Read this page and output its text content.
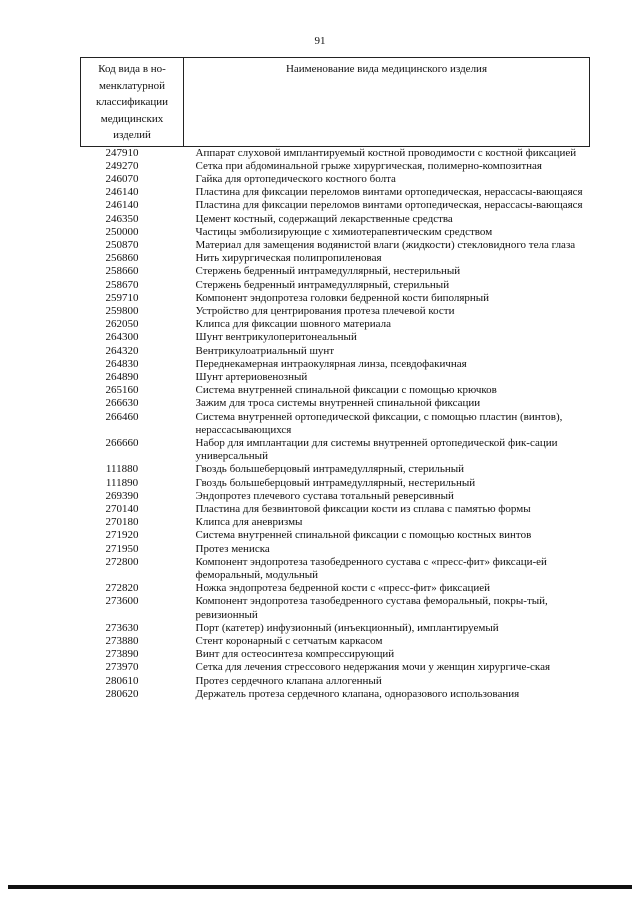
91
Код вида в но-менклатурной классификации медицинских изделий	Наименование вида медицинского изделия
247910	Аппарат слуховой имплантируемый костной проводимости с костной фиксацией
249270	Сетка при абдоминальной грыже хирургическая, полимерно-композитная
246070	Гайка для ортопедического костного болта
246140	Пластина для фиксации переломов винтами ортопедическая, нерассасы-вающаяся
246140	Пластина для фиксации переломов винтами ортопедическая, нерассасы-вающаяся
246350	Цемент костный, содержащий лекарственные средства
250000	Частицы эмболизирующие с химиотерапевтическим средством
250870	Материал для замещения водянистой влаги (жидкости) стекловидного тела глаза
256860	Нить хирургическая полипропиленовая
258660	Стержень бедренный интрамедуллярный, нестерильный
258670	Стержень бедренный интрамедуллярный, стерильный
259710	Компонент эндопротеза головки бедренной кости биполярный
259800	Устройство для центрирования протеза плечевой кости
262050	Клипса для фиксации шовного материала
264300	Шунт вентрикулоперитонеальный
264320	Вентрикулоатриальный шунт
264830	Переднекамерная интраокулярная линза, псевдофакичная
264890	Шунт артериовенозный
265160	Система внутренней спинальной фиксации с помощью крючков
266630	Зажим для троса системы внутренней спинальной фиксации
266460	Система внутренней ортопедической фиксации, с помощью пластин (винтов), нерассасывающихся
266660	Набор для имплантации для системы внутренней ортопедической фик-сации универсальный
111880	Гвоздь большеберцовый интрамедуллярный, стерильный
111890	Гвоздь большеберцовый интрамедуллярный, нестерильный
269390	Эндопротез плечевого сустава тотальный реверсивный
270140	Пластина для безвинтовой фиксации кости из сплава с памятью формы
270180	Клипса для аневризмы
271920	Система внутренней спинальной фиксации с помощью костных винтов
271950	Протез мениска
272800	Компонент эндопротеза тазобедренного сустава с «пресс-фит» фиксаци-ей феморальный, модульный
272820	Ножка эндопротеза бедренной кости с «пресс-фит» фиксацией
273600	Компонент эндопротеза тазобедренного сустава феморальный, покры-тый, ревизионный
273630	Порт (катетер) инфузионный (инъекционный), имплантируемый
273880	Стент коронарный с сетчатым каркасом
273890	Винт для остеосинтеза компрессирующий
273970	Сетка для лечения стрессового недержания мочи у женщин хирургиче-ская
280610	Протез сердечного клапана аллогенный
280620	Держатель протеза сердечного клапана, одноразового использования
